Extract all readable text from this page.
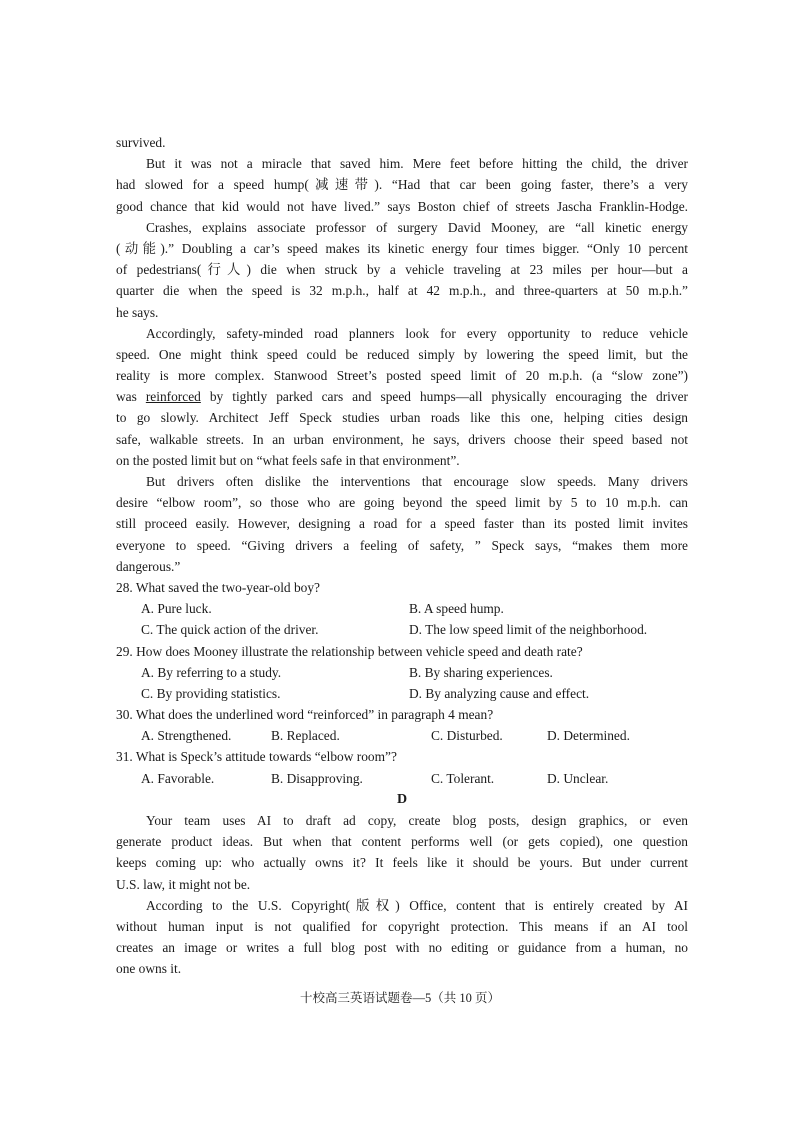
survived.
But it was not a miracle that saved him. Mere feet before hitting the child, the driver
had slowed for a speed hump(减速带). “Had that car been going faster, there’s a very
good chance that kid would not have lived.” says Boston chief of streets Jascha Franklin-Hodge.
Crashes, explains associate professor of surgery David Mooney, are “all kinetic energy
(动能).” Doubling a car’s speed makes its kinetic energy four times bigger. “Only 10 percent
of pedestrians(行人) die when struck by a vehicle traveling at 23 miles per hour—but a
quarter die when the speed is 32 m.p.h., half at 42 m.p.h., and three-quarters at 50 m.p.h.”
he says.
Accordingly, safety-minded road planners look for every opportunity to reduce vehicle
speed. One might think speed could be reduced simply by lowering the speed limit, but the
reality is more complex. Stanwood Street’s posted speed limit of 20 m.p.h. (a “slow zone”)
was reinforced by tightly parked cars and speed humps—all physically encouraging the driver
to go slowly. Architect Jeff Speck studies urban roads like this one, helping cities design
safe, walkable streets. In an urban environment, he says, drivers choose their speed based not
on the posted limit but on “what feels safe in that environment”.
But drivers often dislike the interventions that encourage slow speeds. Many drivers
desire “elbow room”, so those who are going beyond the speed limit by 5 to 10 m.p.h. can
still proceed easily. However, designing a road for a speed faster than its posted limit invites
everyone to speed. “Giving drivers a feeling of safety, ” Speck says, “makes them more
dangerous.”
28. What saved the two-year-old boy?
A. Pure luck.	B. A speed hump.
C. The quick action of the driver.	D. The low speed limit of the neighborhood.
29. How does Mooney illustrate the relationship between vehicle speed and death rate?
A. By referring to a study.	B. By sharing experiences.
C. By providing statistics.	D. By analyzing cause and effect.
30. What does the underlined word “reinforced” in paragraph 4 mean?
A. Strengthened.	B. Replaced.	C. Disturbed.	D. Determined.
31. What is Speck’s attitude towards “elbow room”?
A. Favorable.	B. Disapproving.	C. Tolerant.	D. Unclear.
D
Your team uses AI to draft ad copy, create blog posts, design graphics, or even
generate product ideas. But when that content performs well (or gets copied), one question
keeps coming up: who actually owns it? It feels like it should be yours. But under current
U.S. law, it might not be.
According to the U.S. Copyright(版权) Office, content that is entirely created by AI
without human input is not qualified for copyright protection. This means if an AI tool
creates an image or writes a full blog post with no editing or guidance from a human, no
one owns it.
十校高三英语试题卷—5（共 10 页）
